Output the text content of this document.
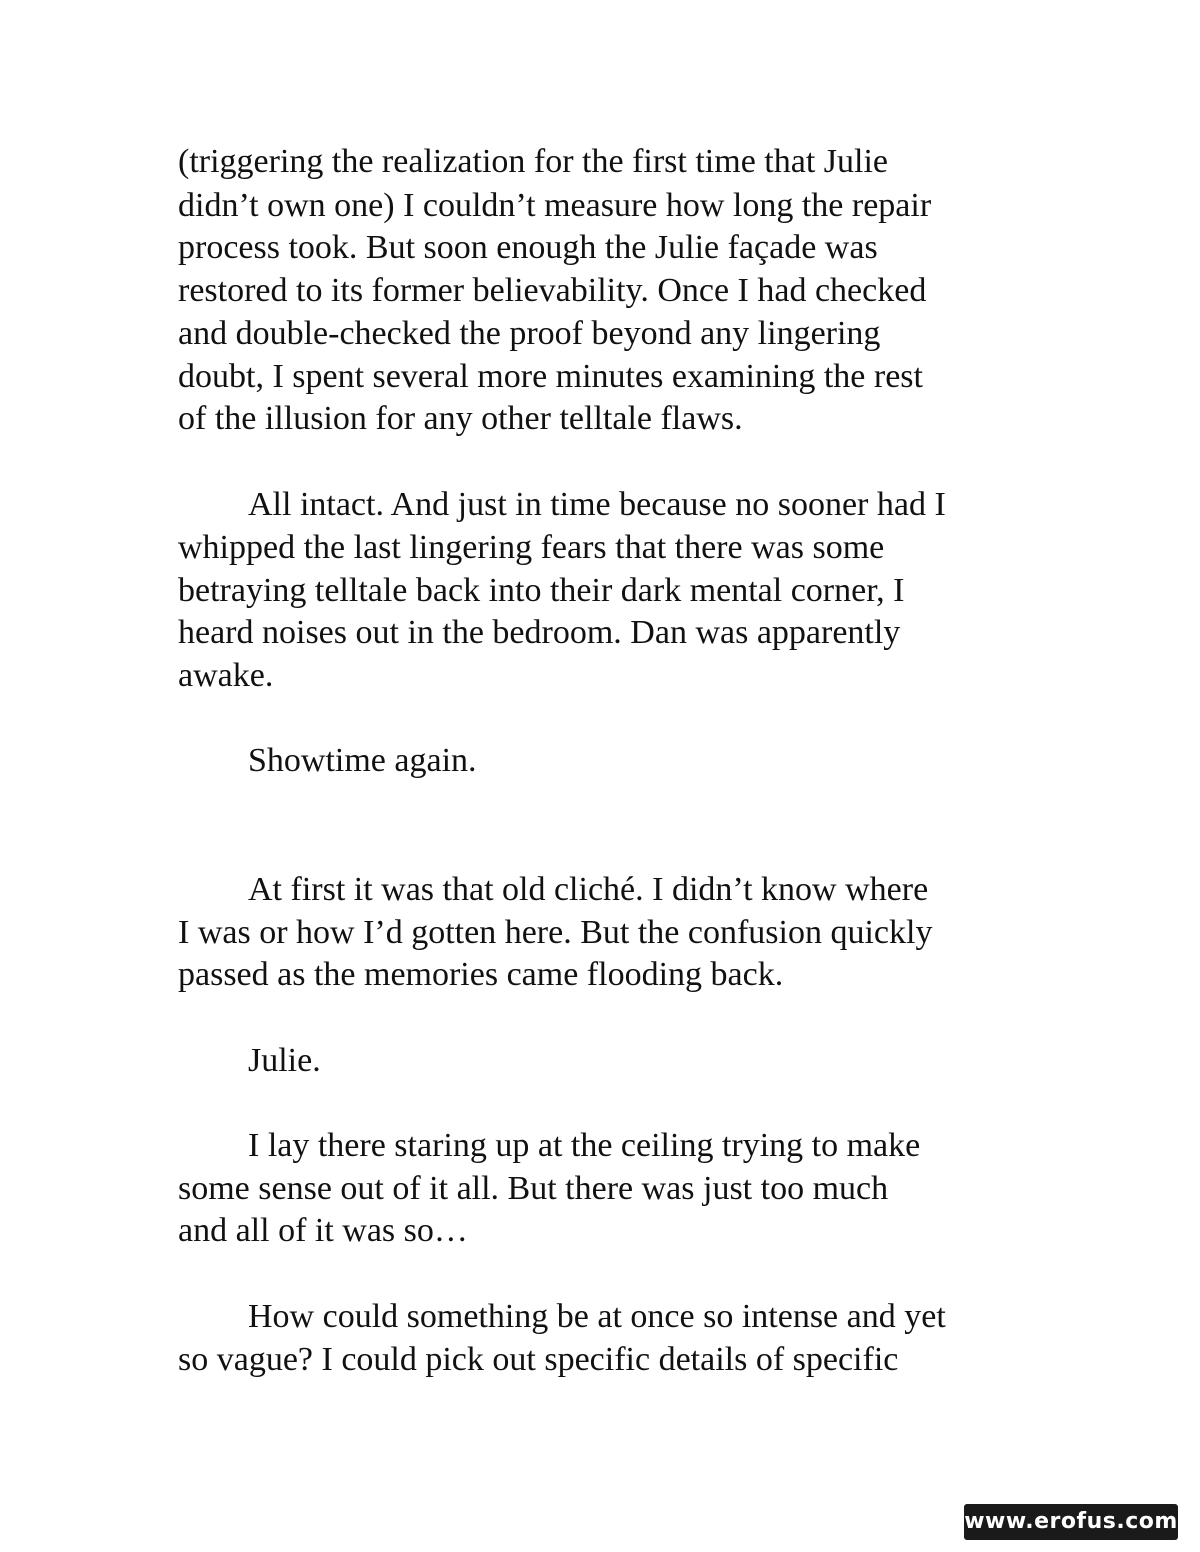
(triggering the realization for the first time that Julie
didn’t own one) I couldn’t measure how long the repair
process took. But soon enough the Julie façade was
restored to its former believability. Once I had checked
and double-checked the proof beyond any lingering
doubt, I spent several more minutes examining the rest
of the illusion for any other telltale flaws.
All intact. And just in time because no sooner had I
whipped the last lingering fears that there was some
betraying telltale back into their dark mental corner, I
heard noises out in the bedroom. Dan was apparently
awake.
Showtime again.
At first it was that old cliché. I didn’t know where
I was or how I’d gotten here. But the confusion quickly
passed as the memories came flooding back.
Julie.
I lay there staring up at the ceiling trying to make
some sense out of it all. But there was just too much
and all of it was so…
How could something be at once so intense and yet
so vague? I could pick out specific details of specific
www.erofus.com
